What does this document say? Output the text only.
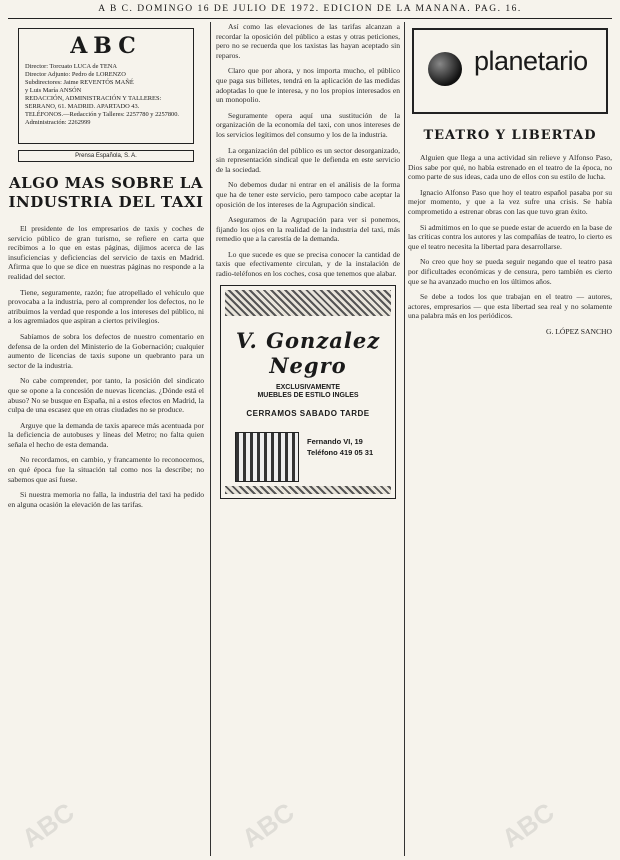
A B C. DOMINGO 16 DE JULIO DE 1972. EDICION DE LA MAÑANA. PAG. 16.
ABC

Director: Torcuato LUCA de TENA

Director Adjunto: Pedro de LORENZO

Subdirectores: Jaime REVENTÓS MAÑÉ

y Luis María ANSÓN

REDACCIÓN, ADMINISTRACIÓN Y TALLERES: SERRANO, 61. MADRID. APARTADO 43.

TELÉFONOS.—Redacción y Talleres: 2257780 y 2257800. Administración: 2262999

Prensa Española, S. A.
ALGO MAS SOBRE LA INDUSTRIA DEL TAXI

El presidente de los empresarios de taxis y coches de servicio público de gran turismo, se refiere en carta que recibimos a lo que en estas páginas, dijimos acerca de las insuficiencias y deficiencias del servicio de taxis en Madrid. Afirma que lo que se dice en nuestras páginas no responde a la realidad del sector.

Tiene, seguramente, razón; fue atropellado el vehículo que provocaba a la industria, pero al comprender los defectos, no le atribuimos la verdad que responde a los intereses del público, ni a los agremiados que aspiran a ciertos privilegios.

Sabíamos de sobra los defectos de nuestro comentario en defensa de la orden del Ministerio de la Gobernación; cualquier aumento de licencias de taxis supone un quebranto para un sector de la industria.

No cabe comprender, por tanto, la posición del sindicato que se opone a la concesión de nuevas licencias. ¿Dónde está el abuso? No se busque en España, ni a estos efectos en Madrid, la culpa de una escasez que en otras ciudades no se produce.

Arguye que la demanda de taxis aparece más acentuada por la deficiencia de autobuses y líneas del Metro; no falta quien señala el hecho de esta demanda.

No recordamos, en cambio, y francamente lo reconocemos, en qué época fue la situación tal como nos la describe; no sabemos que así fuese.

Si nuestra memoria no falla, la industria del taxi ha pedido en alguna ocasión la elevación de las tarifas.

Así como las elevaciones de las tarifas alcanzan a recordar la oposición del público a estas y otras peticiones, pero no se recuerda que los taxistas las hayan aceptado sin reparos.

Claro que por ahora, y nos importa mucho, el público que paga sus billetes, tendrá en la aplicación de las medidas adoptadas lo que le interesa, y no los propios interesados en un monopolio.

Seguramente opera aquí una sustitución de la organización de la economía del taxi, con unos intereses de los servicios legítimos del consumo y los de la industria.

La organización del público es un sector desorganizado, sin representación sindical que le defienda en este servicio de la sociedad.

No debemos dudar ni entrar en el análisis de la forma que ha de tener este servicio, pero tampoco cabe aceptar la oposición de los intereses de la Agrupación sindical.

Aseguramos de la Agrupación para ver si ponemos, fijando los ojos en la realidad de la industria del taxi, más remedio que a la carestía de la demanda.

Lo que sucede es que se precisa conocer la cantidad de taxis que efectivamente circulan, y de la instalación de radio-teléfonos en los coches, cosa que tenemos que alabar.

V. Gonzalez Negro
EXCLUSIVAMENTE
MUEBLES DE ESTILO INGLES
CERRAMOS SABADO TARDE
Fernando VI, 19
Teléfono 419 05 31
planetario
TEATRO Y LIBERTAD

Alguien que llega a una actividad sin relieve y Alfonso Paso, Dios sabe por qué, no había estrenado en el teatro de la época, no como parte de sus ideas, cada uno de ellos con su estilo de lucha.

Ignacio Alfonso Paso que hoy el teatro español pasaba por su mejor momento, y que a la vez sufre una crisis. Se había comprometido a estrenar obras con las que tuvo gran éxito.

Si admitimos en lo que se puede estar de acuerdo en la base de las críticas contra los autores y las compañías de teatro, lo cierto es que el teatro necesita la libertad para desarrollarse.

No creo que hoy se pueda seguir negando que el teatro pasa por dificultades económicas y de censura, pero también es cierto que se ha avanzado mucho en los últimos años.

Se debe a todos los que trabajan en el teatro — autores, actores, empresarios — que esta libertad sea real y no solamente una palabra más en los periódicos.

G. LÓPEZ SANCHO
ABC	ABC	ABC
